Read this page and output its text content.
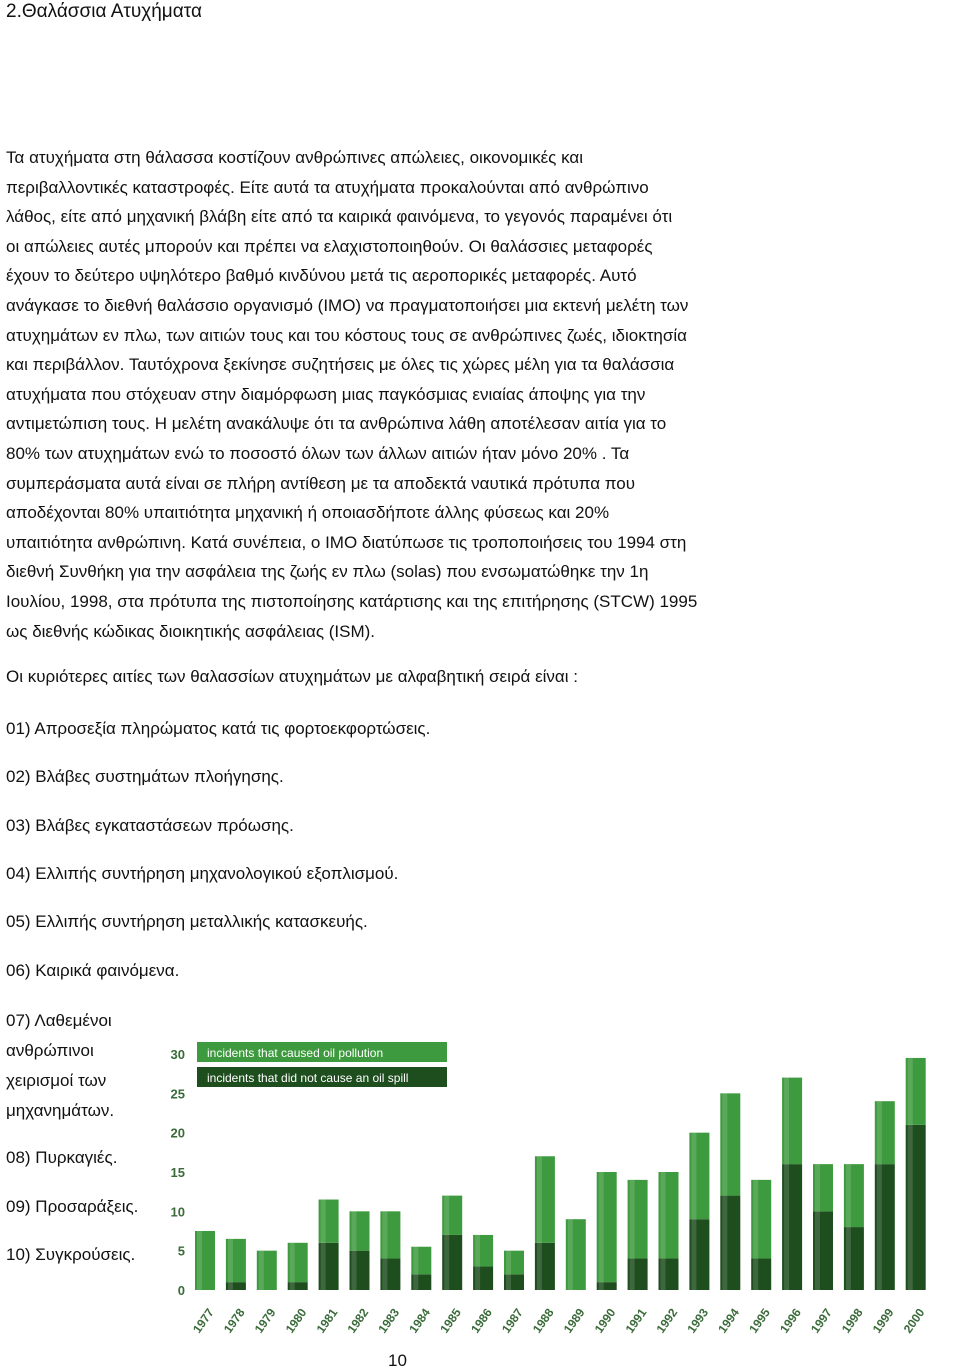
2.Θαλάσσια Ατυχήματα
Τα ατυχήματα στη θάλασσα κοστίζουν ανθρώπινες απώλειες, οικονομικές και
περιβαλλοντικές καταστροφές. Είτε αυτά τα ατυχήματα προκαλούνται από ανθρώπινο
λάθος, είτε από μηχανική βλάβη είτε από τα καιρικά φαινόμενα, το γεγονός παραμένει ότι
οι απώλειες αυτές μπορούν και πρέπει να ελαχιστοποιηθούν. Οι θαλάσσιες μεταφορές
έχουν το δεύτερο υψηλότερο βαθμό κινδύνου μετά τις αεροπορικές μεταφορές. Αυτό
ανάγκασε το διεθνή θαλάσσιο οργανισμό (IMO) να πραγματοποιήσει μια εκτενή μελέτη των
ατυχημάτων εν πλω, των αιτιών τους και του κόστους τους σε ανθρώπινες ζωές, ιδιοκτησία
και περιβάλλον. Ταυτόχρονα ξεκίνησε συζητήσεις με όλες τις χώρες μέλη για τα θαλάσσια
ατυχήματα που στόχευαν στην διαμόρφωση μιας παγκόσμιας ενιαίας άποψης για την
αντιμετώπιση τους. Η μελέτη ανακάλυψε ότι τα ανθρώπινα λάθη αποτέλεσαν αιτία για το
80% των ατυχημάτων ενώ το ποσοστό όλων των άλλων αιτιών ήταν μόνο 20% . Τα
συμπεράσματα αυτά είναι σε πλήρη αντίθεση με τα αποδεκτά ναυτικά πρότυπα που
αποδέχονται 80% υπαιτιότητα μηχανική ή οποιασδήποτε άλλης φύσεως και 20%
υπαιτιότητα ανθρώπινη. Κατά συνέπεια, ο IMO διατύπωσε τις τροποποιήσεις του 1994 στη
διεθνή Συνθήκη για την ασφάλεια της ζωής εν πλω (solas) που ενσωματώθηκε την 1η
Ιουλίου, 1998, στα πρότυπα της πιστοποίησης κατάρτισης και της επιτήρησης (STCW) 1995
ως διεθνής κώδικας διοικητικής ασφάλειας (ISM).
Οι κυριότερες αιτίες των θαλασσίων ατυχημάτων με αλφαβητική σειρά είναι :
01) Απροσεξία πληρώματος κατά τις φορτοεκφορτώσεις.
02) Βλάβες συστημάτων πλοήγησης.
03) Βλάβες εγκαταστάσεων πρόωσης.
04) Ελλιπής συντήρηση μηχανολογικού εξοπλισμού.
05) Ελλιπής συντήρηση μεταλλικής κατασκευής.
06) Καιρικά φαινόμενα.
07) Λαθεμένοι
ανθρώπινοι
χειρισμοί των
μηχανημάτων.
08) Πυρκαγιές.
09) Προσαράξεις.
10) Συγκρούσεις.
0
5
10
15
20
25
30
1977 1978 1979 1980 1981 1982 1983 1984 1985 1986 1987 1988 1989 1990 1991 1992 1993 1994 1995 1996 1997 1998 1999 2000
incidents that caused oil pollution
incidents that did not cause an oil spill
10
